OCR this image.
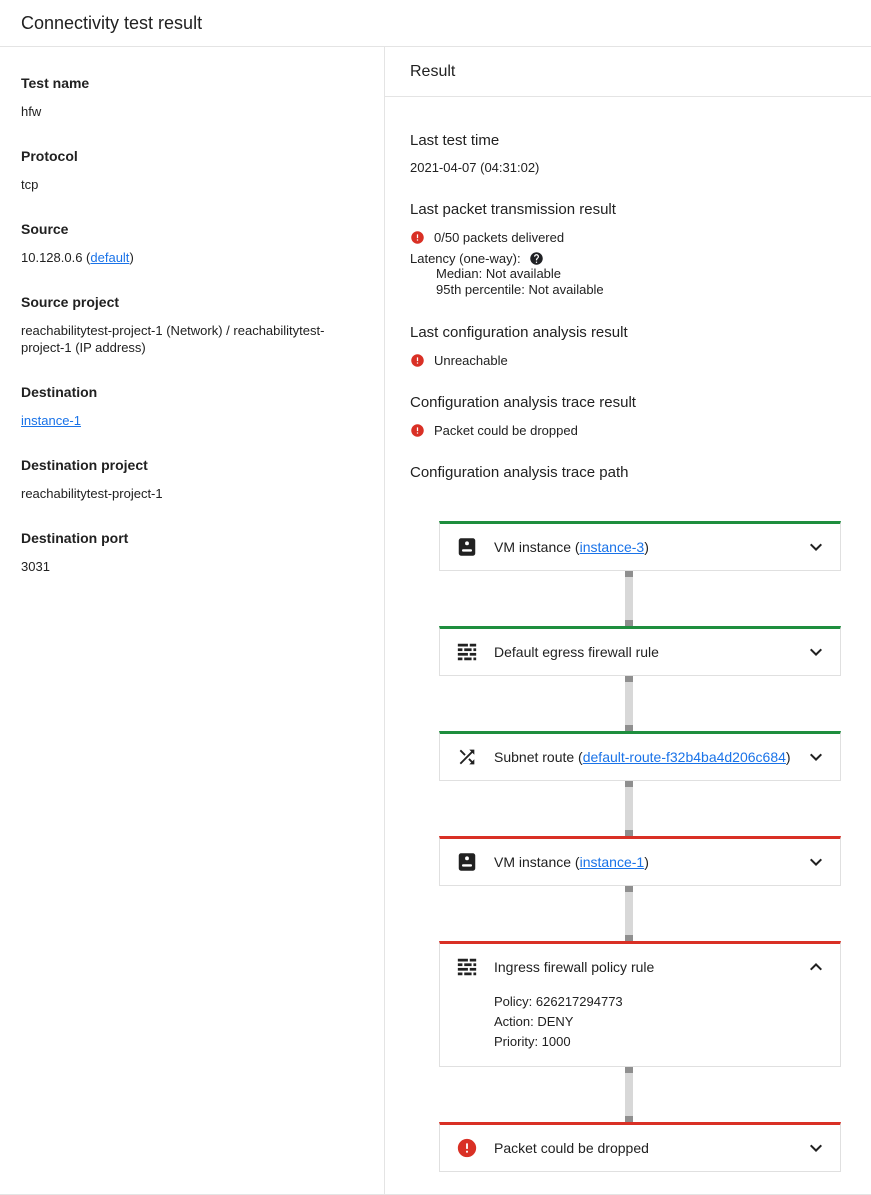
Connectivity test result
Test name
hfw
Protocol
tcp
Source
10.128.0.6 (default)
Source project
reachabilitytest-project-1 (Network) / reachabilitytest-project-1 (IP address)
Destination
instance-1
Destination project
reachabilitytest-project-1
Destination port
3031
Result
Last test time
2021-04-07 (04:31:02)
Last packet transmission result
0/50 packets delivered
Latency (one-way):
Median: Not available
95th percentile: Not available
Last configuration analysis result
Unreachable
Configuration analysis trace result
Packet could be dropped
Configuration analysis trace path
VM instance (instance-3)
Default egress firewall rule
Subnet route (default-route-f32b4ba4d206c684)
VM instance (instance-1)
Ingress firewall policy rule
Policy: 626217294773
Action: DENY
Priority: 1000
Packet could be dropped
